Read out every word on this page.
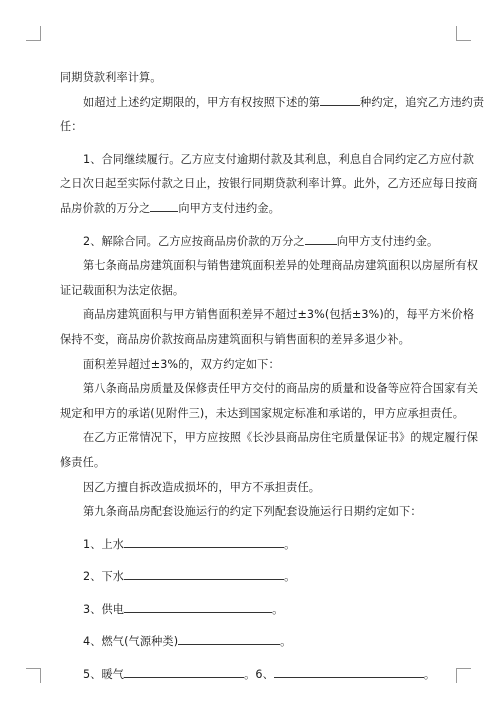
同期贷款利率计算。
如超过上述约定期限的，甲方有权按照下述的第	种约定，追究乙方违约责
任：
1、合同继续履行。乙方应支付逾期付款及其利息，利息自合同约定乙方应付款
之日次日起至实际付款之日止，按银行同期贷款利率计算。此外，乙方还应每日按商
品房价款的万分之	向甲方支付违约金。
2、解除合同。乙方应按商品房价款的万分之	向甲方支付违约金。
第七条商品房建筑面积与销售建筑面积差异的处理商品房建筑面积以房屋所有权
证记载面积为法定依据。
商品房建筑面积与甲方销售面积差异不超过±3%(包括±3%)的，每平方米价格
保持不变，商品房价款按商品房建筑面积与销售面积的差异多退少补。
面积差异超过±3%的，双方约定如下：
第八条商品房质量及保修责任甲方交付的商品房的质量和设备等应符合国家有关
规定和甲方的承诺(见附件三)，未达到国家规定标准和承诺的，甲方应承担责任。
在乙方正常情况下，甲方应按照《长沙县商品房住宅质量保证书》的规定履行保
修责任。
因乙方擅自拆改造成损坏的，甲方不承担责任。
第九条商品房配套设施运行的约定下列配套设施运行日期约定如下：
1、上水	。
2、下水	。
3、供电	。
4、燃气(气源种类)	。
5、暖气	。6、	。
